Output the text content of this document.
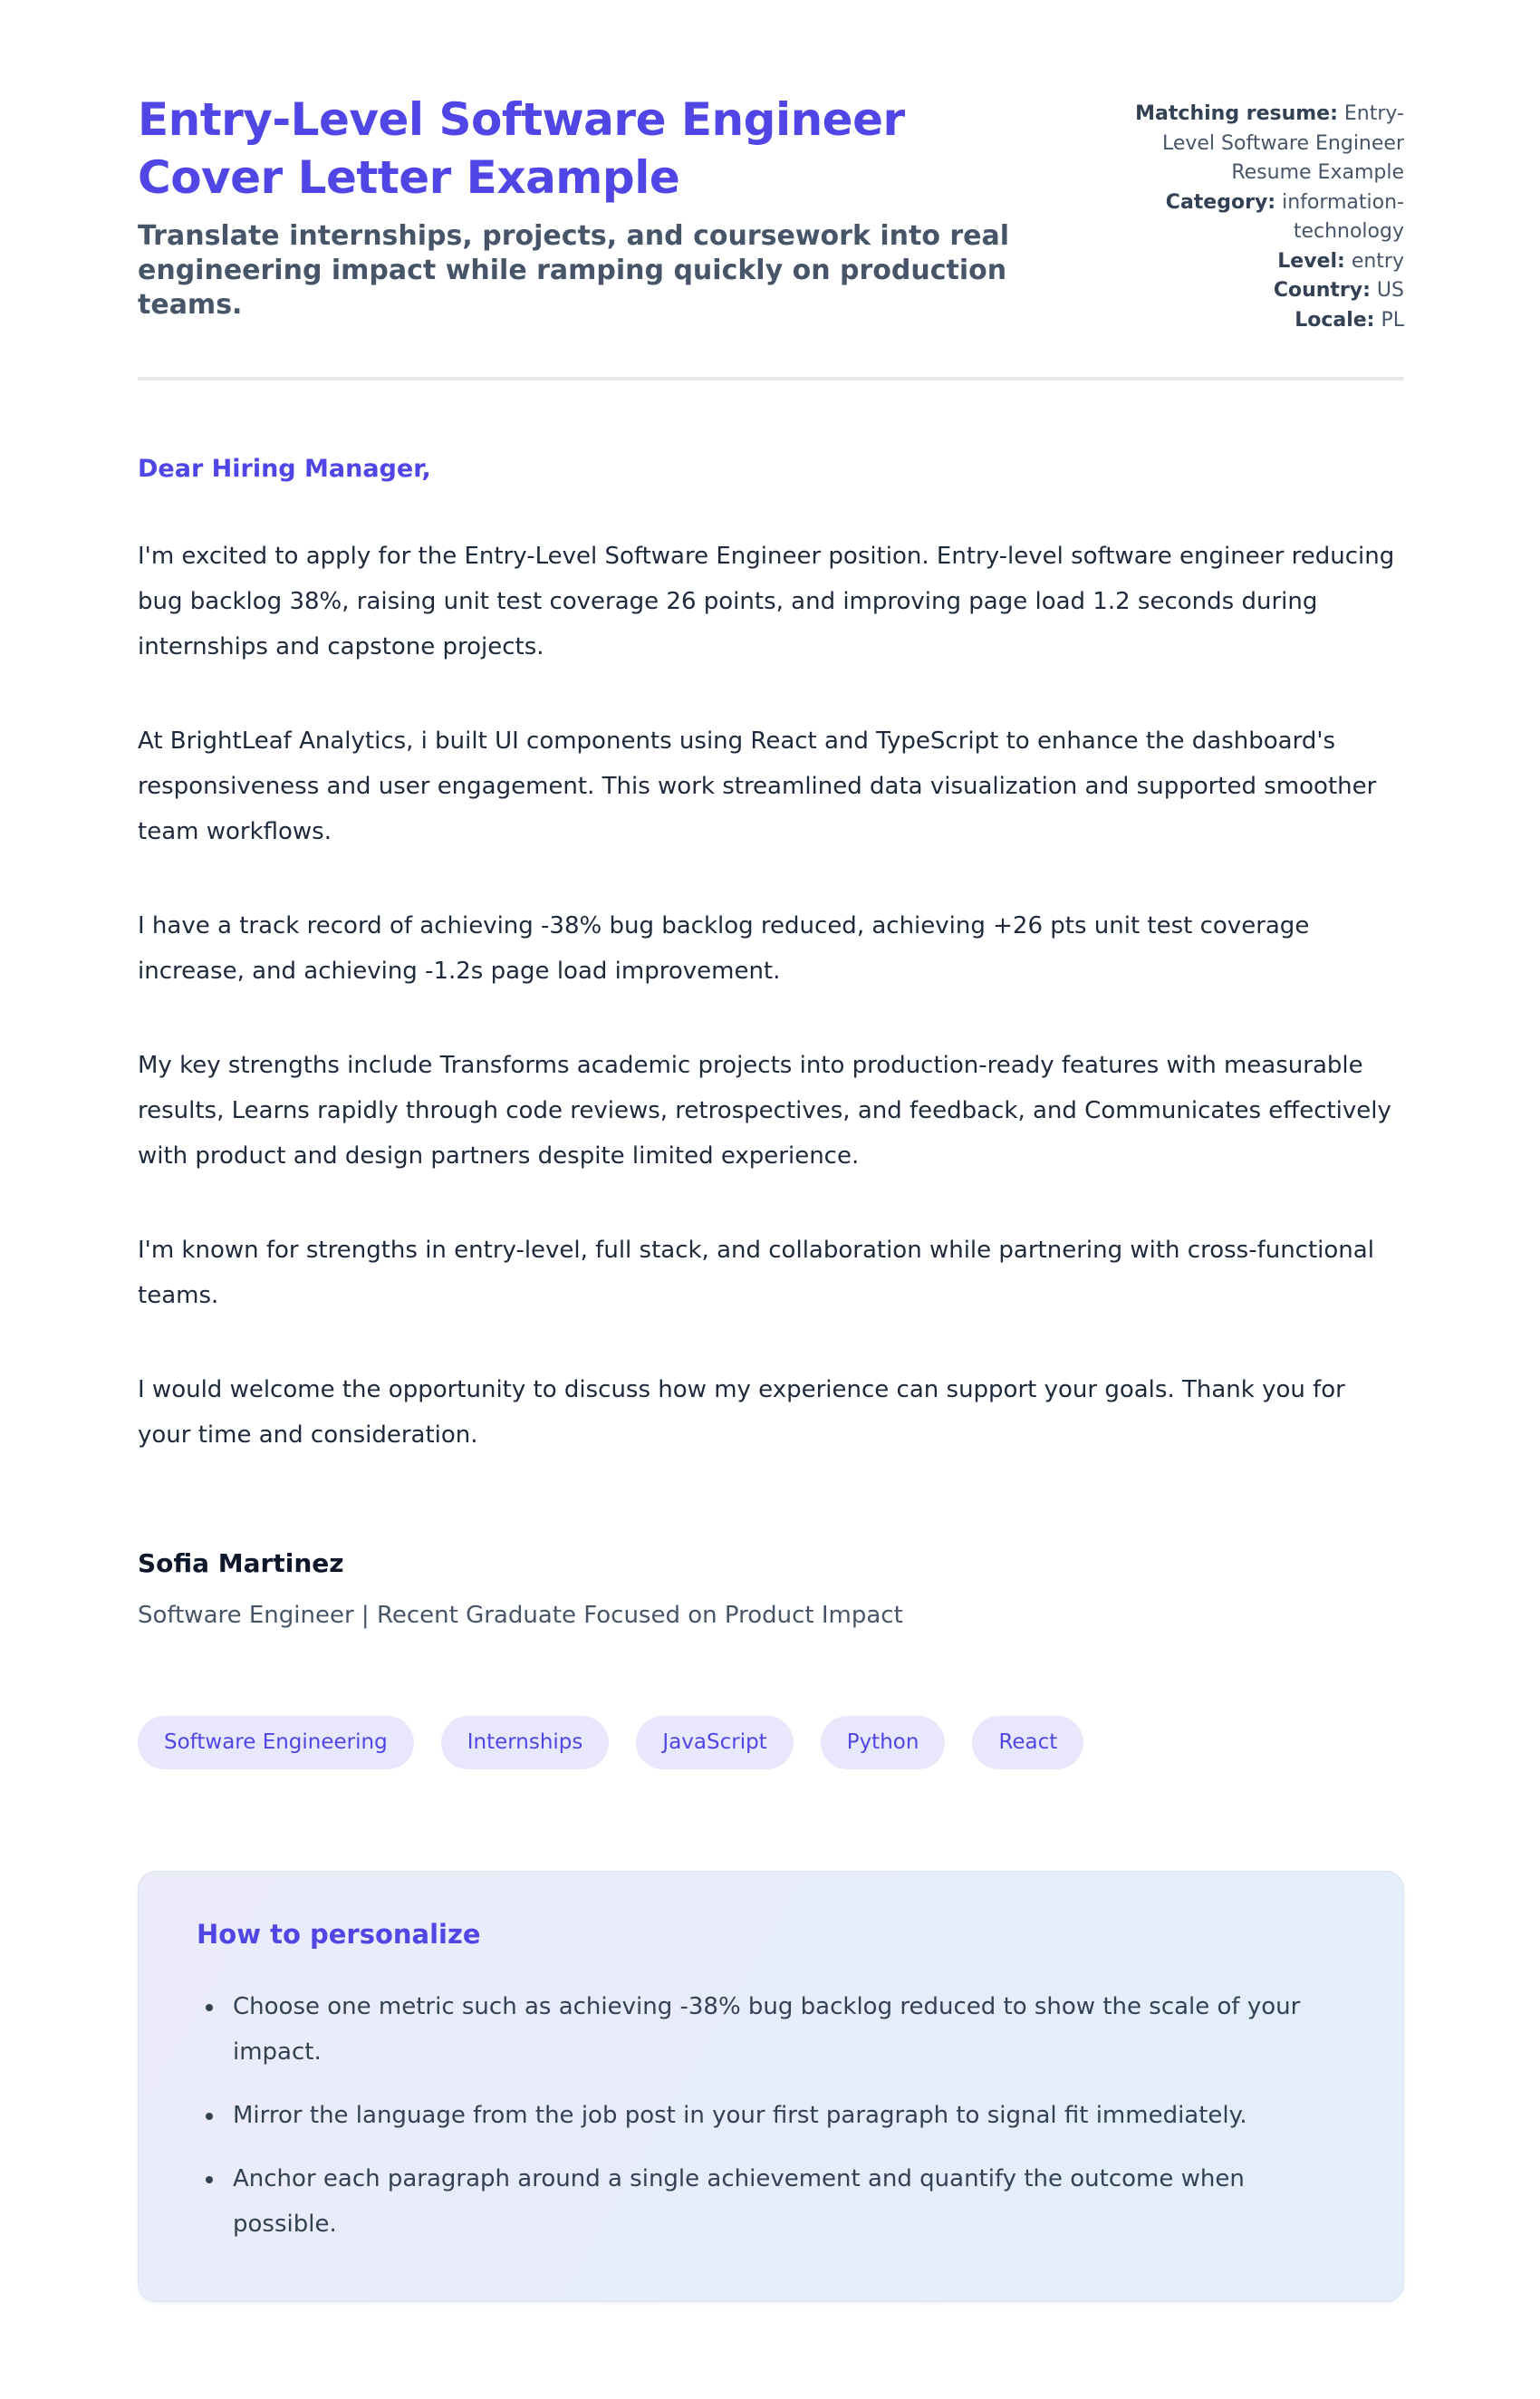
Entry-Level Software Engineer Cover Letter Example

Translate internships, projects, and coursework into real engineering impact while ramping quickly on production teams.

Matching resume: Entry-Level Software Engineer Resume Example

Category: information-technology

Level: entry

Country: US

Locale: PL

Dear Hiring Manager,

I'm excited to apply for the Entry-Level Software Engineer position. Entry-level software engineer reducing bug backlog 38%, raising unit test coverage 26 points, and improving page load 1.2 seconds during internships and capstone projects.

At BrightLeaf Analytics, i built UI components using React and TypeScript to enhance the dashboard's responsiveness and user engagement. This work streamlined data visualization and supported smoother team workflows.

I have a track record of achieving -38% bug backlog reduced, achieving +26 pts unit test coverage increase, and achieving -1.2s page load improvement.

My key strengths include Transforms academic projects into production-ready features with measurable results, Learns rapidly through code reviews, retrospectives, and feedback, and Communicates effectively with product and design partners despite limited experience.

I'm known for strengths in entry-level, full stack, and collaboration while partnering with cross-functional teams.

I would welcome the opportunity to discuss how my experience can support your goals. Thank you for your time and consideration.

Sofia Martinez

Software Engineer | Recent Graduate Focused on Product Impact

Software Engineering	Internships	JavaScript	Python	React
How to personalize
• Choose one metric such as achieving -38% bug backlog reduced to show the scale of your impact.
• Mirror the language from the job post in your first paragraph to signal fit immediately.
• Anchor each paragraph around a single achievement and quantify the outcome when possible.
